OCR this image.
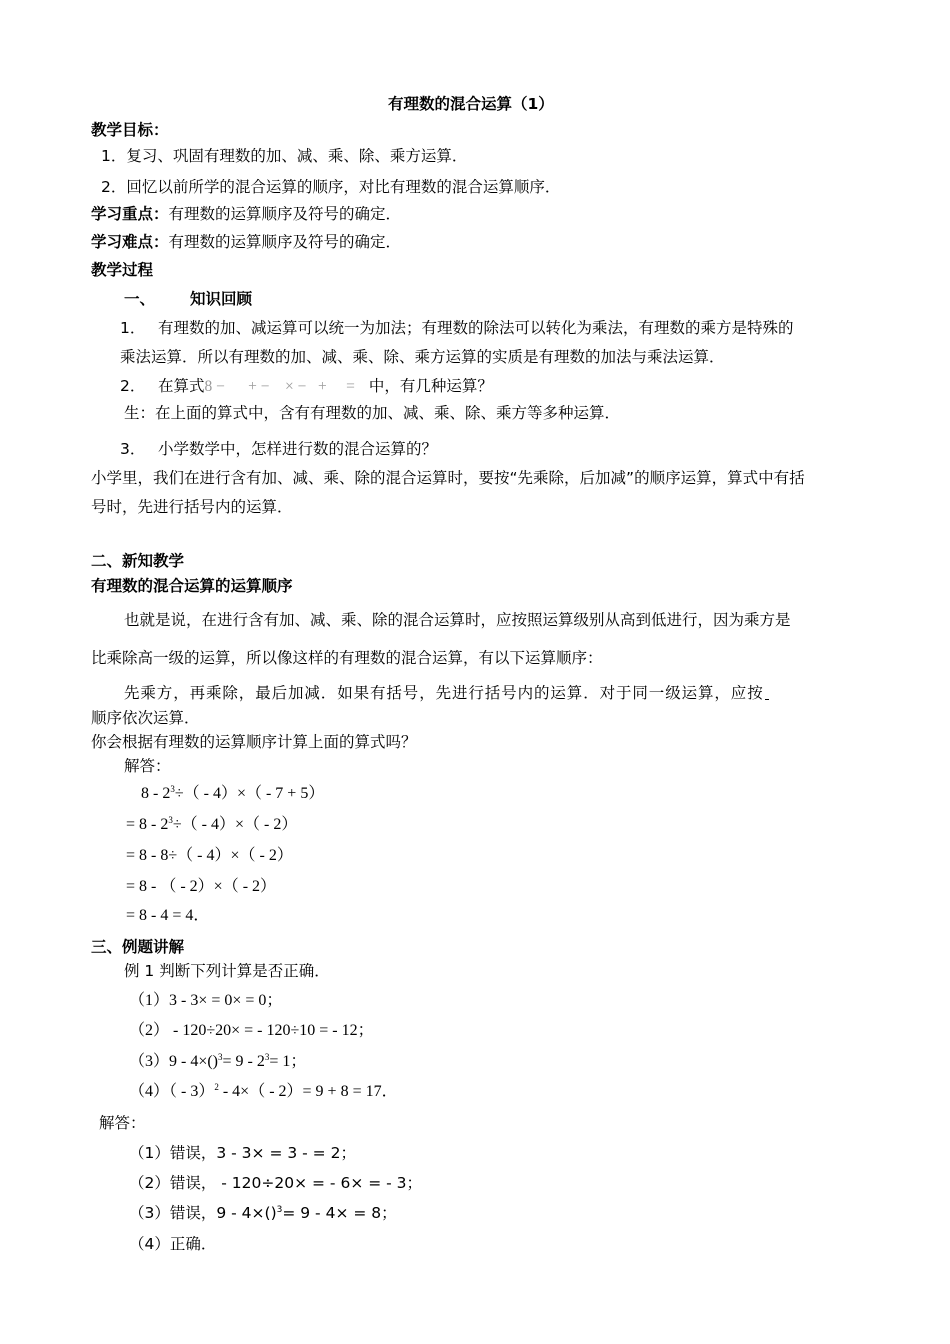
有理数的混合运算（1）
教学目标：
1．复习、巩固有理数的加、减、乘、除、乘方运算．
2．回忆以前所学的混合运算的顺序，对比有理数的混合运算顺序．
学习重点：有理数的运算顺序及符号的确定．
学习难点：有理数的运算顺序及符号的确定．
教学过程
一、 知识回顾
1． 有理数的加、减运算可以统一为加法；有理数的除法可以转化为乘法，有理数的乘方是特殊的
乘法运算．所以有理数的加、减、乘、除、乘方运算的实质是有理数的加法与乘法运算．
2． 在算式8 −      + −    × −   +     = 中，有几种运算？
生：在上面的算式中，含有有理数的加、减、乘、除、乘方等多种运算．
3． 小学数学中，怎样进行数的混合运算的？
小学里，我们在进行含有加、减、乘、除的混合运算时，要按“先乘除，后加减”的顺序运算，算式中有括
号时，先进行括号内的运算．
二、新知教学
有理数的混合运算的运算顺序
也就是说，在进行含有加、减、乘、除的混合运算时，应按照运算级别从高到低进行，因为乘方是
比乘除高一级的运算，所以像这样的有理数的混合运算，有以下运算顺序：
先乘方，再乘除，最后加减．如果有括号，先进行括号内的运算．对于同一级运算，应按
顺序依次运算．
你会根据有理数的运算顺序计算上面的算式吗？
解答：
$8 - 2^3\div( - 4)\times( - 7 + 5)$
= $8 - 2^3\div( - 4)\times( - 2)$
= 8 - 8÷（ - 4）×（ - 2）
= 8 - （ - 2）×（ - 2）
= 8 - 4 = 4．
三、例题讲解
例 1 判断下列计算是否正确．
（1）3 - 3× = 0× = 0；
（2） - 120÷20× = - 120÷10 = - 12；
$(3)9 - 4\times()^3= 9 - 2^3= 1$；
（4）（ - 3）$^2$ - 4×（ - 2）= 9 + 8 = 17．
解答：
（1）错误，3 - 3× = 3 - = 2；
（2）错误， - 120÷20× = - 6× = - 3；
（3）错误，9 - 4×()$^3$= 9 - 4× = 8；
（4）正确．
